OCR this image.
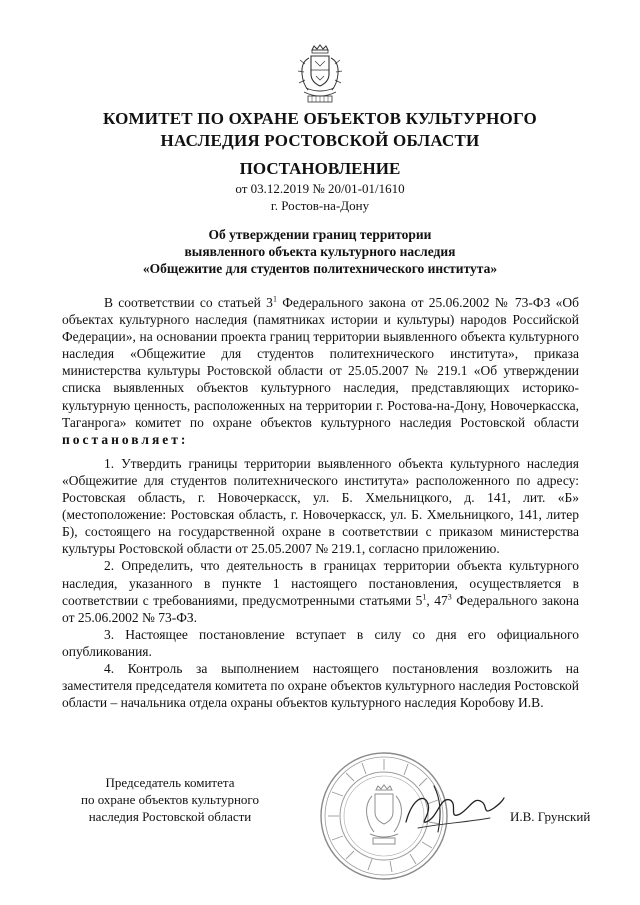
КОМИТЕТ ПО ОХРАНЕ ОБЪЕКТОВ КУЛЬТУРНОГО
НАСЛЕДИЯ РОСТОВСКОЙ ОБЛАСТИ
ПОСТАНОВЛЕНИЕ
от 03.12.2019 № 20/01-01/1610
г. Ростов-на-Дону
Об утверждении границ территории
выявленного объекта культурного наследия
«Общежитие для студентов политехнического института»

В соответствии со статьей $3^1$ Федерального закона от 25.06.2002 № 73-ФЗ «Об объектах культурного наследия (памятниках истории и культуры) народов Российской Федерации», на основании проекта границ территории выявленного объекта культурного наследия «Общежитие для студентов политехнического института», приказа министерства культуры Ростовской области от 25.05.2007 № 219.1 «Об утверждении списка выявленных объектов культурного наследия, представляющих историко-культурную ценность, расположенных на территории г. Ростова-на-Дону, Новочеркасска, Таганрога» комитет по охране объектов культурного наследия Ростовской области постановляет:

1. Утвердить границы территории выявленного объекта культурного наследия «Общежитие для студентов политехнического института» расположенного по адресу: Ростовская область, г. Новочеркасск, ул. Б. Хмельницкого, д. 141, лит. «Б» (местоположение: Ростовская область, г. Новочеркасск, ул. Б. Хмельницкого, 141, литер Б), состоящего на государственной охране в соответствии с приказом министерства культуры Ростовской области от 25.05.2007 № 219.1, согласно приложению.

2. Определить, что деятельность в границах территории объекта культурного наследия, указанного в пункте 1 настоящего постановления, осуществляется в соответствии с требованиями, предусмотренными статьями $5^1$, $47^3$ Федерального закона от 25.06.2002 № 73-ФЗ.

3. Настоящее постановление вступает в силу со дня его официального опубликования.

4. Контроль за выполнением настоящего постановления возложить на заместителя председателя комитета по охране объектов культурного наследия Ростовской области – начальника отдела охраны объектов культурного наследия Коробову И.В.

Председатель комитета
по охране объектов культурного
наследия Ростовской области	И.В. Грунский
